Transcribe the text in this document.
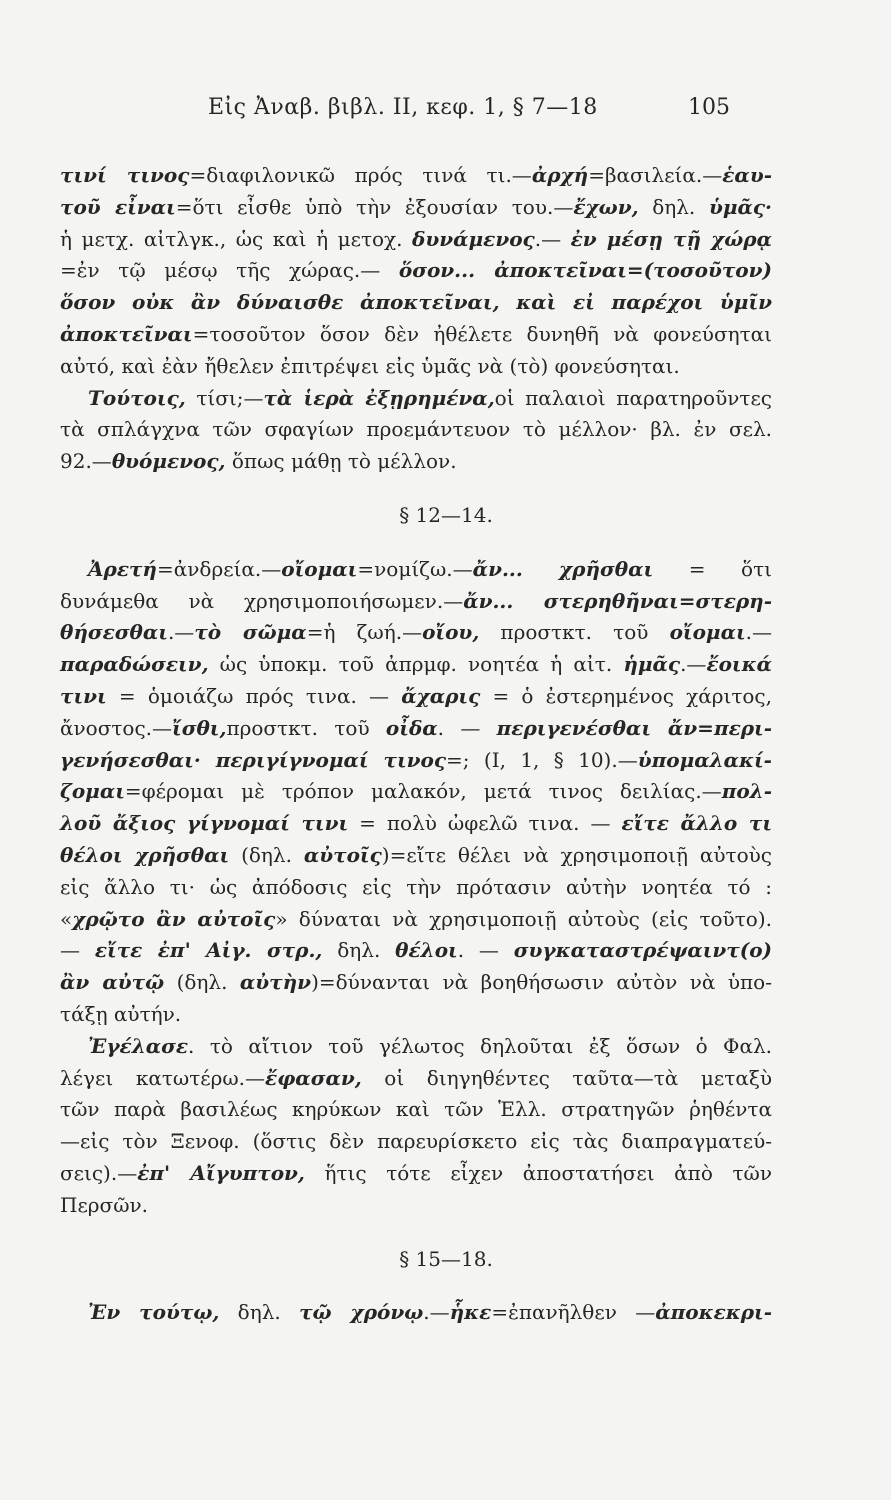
Εἰς Ἀναβ. βιβλ. II, κεφ. 1, § 7—18	105
τινί τινος=διαφιλονικῶ πρός τινά τι.—ἀρχή=βασιλεία.—ἑαυ-
τοῦ εἶναι=ὅτι εἶσθε ὑπὸ τὴν ἐξουσίαν του.—ἔχων, δηλ. ὑμᾶς·
ἡ μετχ. αἰτλγκ., ὡς καὶ ἡ μετοχ. δυνάμενος.— ἐν μέσῃ τῇ χώρᾳ
=ἐν τῷ μέσῳ τῆς χώρας.— ὅσον... ἀποκτεῖναι=(τοσοῦτον)
ὅσον οὐκ ἂν δύναισθε ἀποκτεῖναι, καὶ εἰ παρέχοι ὑμῖν
ἀποκτεῖναι=τοσοῦτον ὅσον δὲν ἠθέλετε δυνηθῆ νὰ φονεύσηται
αὐτό, καὶ ἐὰν ἤθελεν ἐπιτρέψει εἰς ὑμᾶς νὰ (τὸ) φονεύσηται.
Τούτοις, τίσι;—τὰ ἱερὰ ἐξῃρημένα,οἱ παλαιοὶ παρατηροῦντες
τὰ σπλάγχνα τῶν σφαγίων προεμάντευον τὸ μέλλον· βλ. ἐν σελ.
92.—θυόμενος, ὅπως μάθῃ τὸ μέλλον.
§ 12—14.
Ἀρετή=ἀνδρεία.—οἴομαι=νομίζω.—ἄν... χρῆσθαι = ὅτι
δυνάμεθα νὰ χρησιμοποιήσωμεν.—ἄν... στερηθῆναι=στερη-
θήσεσθαι.—τὸ σῶμα=ἡ ζωή.—οἴου, προστκτ. τοῦ οἴομαι.—
παραδώσειν, ὡς ὑποκμ. τοῦ ἀπρμφ. νοητέα ἡ αἰτ. ἡμᾶς.—ἔοικά
τινι = ὁμοιάζω πρός τινα. — ἄχαρις = ὁ ἐστερημένος χάριτος,
ἄνοστος.—ἴσθι,προστκτ. τοῦ οἶδα. — περιγενέσθαι ἄν=περι-
γενήσεσθαι· περιγίγνομαί τινος=; (I, 1, § 10).—ὑπομαλακί-
ζομαι=φέρομαι μὲ τρόπον μαλακόν, μετά τινος δειλίας.—πολ-
λοῦ ἄξιος γίγνομαί τινι = πολὺ ὠφελῶ τινα. — εἴτε ἄλλο τι
θέλοι χρῆσθαι (δηλ. αὐτοῖς)=εἴτε θέλει νὰ χρησιμοποιῇ αὐτοὺς
εἰς ἄλλο τι· ὡς ἀπόδοσις εἰς τὴν πρότασιν αὐτὴν νοητέα τό :
«χρῷτο ἂν αὐτοῖς» δύναται νὰ χρησιμοποιῇ αὐτοὺς (εἰς τοῦτο).
— εἴτε ἐπ' Αἰγ. στρ., δηλ. θέλοι. — συγκαταστρέψαιντ(ο)
ἂν αὐτῷ (δηλ. αὐτὴν)=δύνανται νὰ βοηθήσωσιν αὐτὸν νὰ ὑπο-
τάξῃ αὐτήν.
Ἐγέλασε. τὸ αἴτιον τοῦ γέλωτος δηλοῦται ἐξ ὅσων ὁ Φαλ.
λέγει κατωτέρω.—ἔφασαν, οἱ διηγηθέντες ταῦτα—τὰ μεταξὺ
τῶν παρὰ βασιλέως κηρύκων καὶ τῶν Ἑλλ. στρατηγῶν ῥηθέντα
—εἰς τὸν Ξενοφ. (ὅστις δὲν παρευρίσκετο εἰς τὰς διαπραγματεύ-
σεις).—ἐπ' Αἴγυπτον, ἥτις τότε εἶχεν ἀποστατήσει ἀπὸ τῶν
Περσῶν.
§ 15—18.
Ἐν τούτῳ, δηλ. τῷ χρόνῳ.—ἧκε=ἐπανῆλθεν —ἀποκεκρι-
